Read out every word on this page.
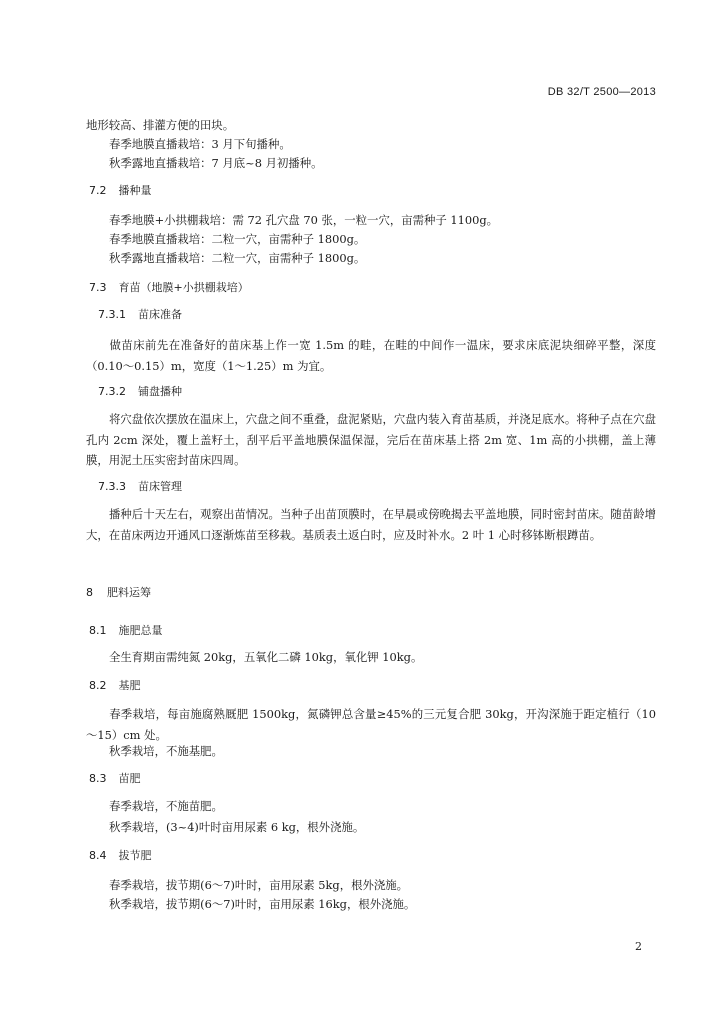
DB 32/T 2500—2013
地形较高、排灌方便的田块。
春季地膜直播栽培：3 月下旬播种。
秋季露地直播栽培：7 月底~8 月初播种。
7.2 播种量
春季地膜+小拱棚栽培：需 72 孔穴盘 70 张，一粒一穴，亩需种子 1100g。
春季地膜直播栽培：二粒一穴，亩需种子 1800g。
秋季露地直播栽培：二粒一穴，亩需种子 1800g。
7.3 育苗（地膜+小拱棚栽培）
7.3.1 苗床准备
做苗床前先在准备好的苗床基上作一宽 1.5m 的畦，在畦的中间作一温床，要求床底泥块细碎平整，深度（0.10～0.15）m，宽度（1～1.25）m 为宜。
7.3.2 铺盘播种
将穴盘依次摆放在温床上，穴盘之间不重叠，盘泥紧贴，穴盘内装入育苗基质，并浇足底水。将种子点在穴盘孔内 2cm 深处，覆上盖籽土，刮平后平盖地膜保温保湿，完后在苗床基上搭 2m 宽、1m 高的小拱棚，盖上薄膜，用泥土压实密封苗床四周。
7.3.3 苗床管理
播种后十天左右，观察出苗情况。当种子出苗顶膜时，在早晨或傍晚揭去平盖地膜，同时密封苗床。随苗龄增大，在苗床两边开通风口逐渐炼苗至移栽。基质表土返白时，应及时补水。2 叶 1 心时移钵断根蹲苗。
8 肥料运筹
8.1 施肥总量
全生育期亩需纯氮 20kg，五氧化二磷 10kg，氧化钾 10kg。
8.2 基肥
春季栽培，每亩施腐熟厩肥 1500kg，氮磷钾总含量≥45%的三元复合肥 30kg，开沟深施于距定植行（10～15）cm 处。
秋季栽培，不施基肥。
8.3 苗肥
春季栽培，不施苗肥。
秋季栽培，(3~4)叶时亩用尿素 6 kg，根外浇施。
8.4 拔节肥
春季栽培，拔节期(6～7)叶时，亩用尿素 5kg，根外浇施。
秋季栽培，拔节期(6～7)叶时，亩用尿素 16kg，根外浇施。
2
